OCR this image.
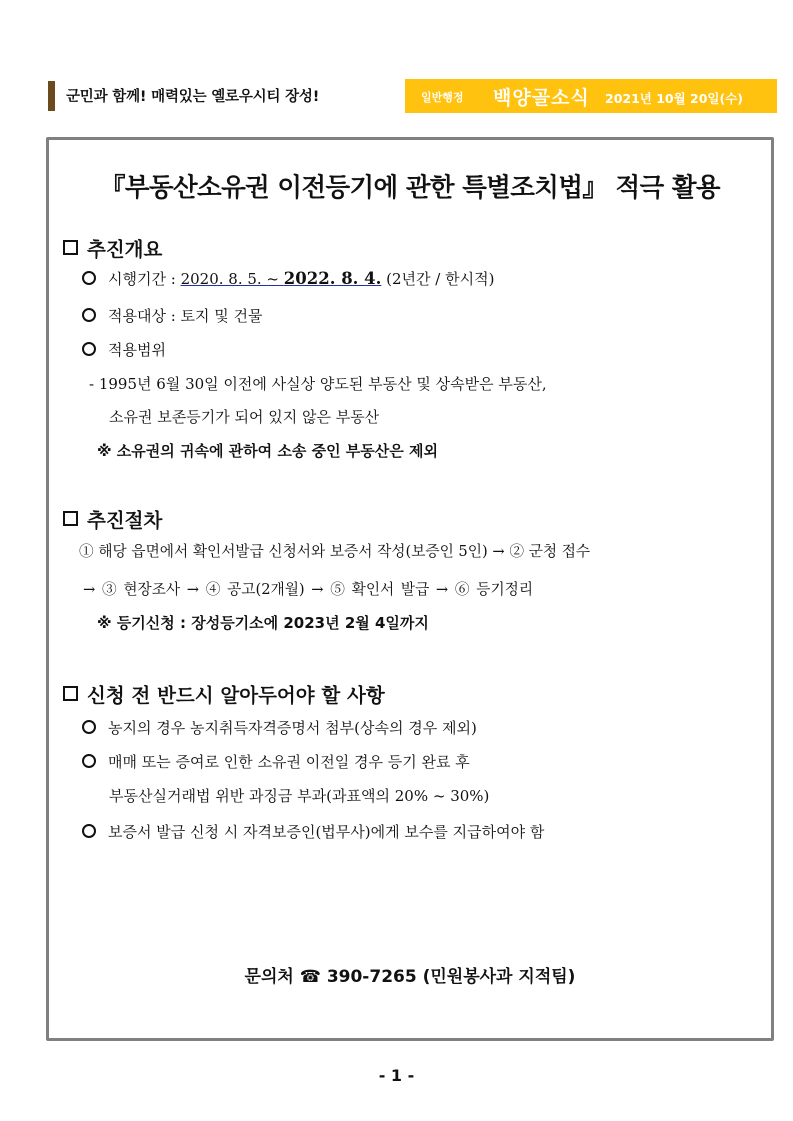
군민과 함께! 매력있는 옐로우시티 장성!	일반행정 백양골소식 2021년 10월 20일(수)
『부동산소유권 이전등기에 관한 특별조치법』 적극 활용
추진개요
시행기간 : 2020. 8. 5. ~ 2022. 8. 4. (2년간 / 한시적)
적용대상 : 토지 및 건물
적용범위
- 1995년 6월 30일 이전에 사실상 양도된 부동산 및 상속받은 부동산,
소유권 보존등기가 되어 있지 않은 부동산
※ 소유권의 귀속에 관하여 소송 중인 부동산은 제외
추진절차
① 해당 읍면에서 확인서발급 신청서와 보증서 작성(보증인 5인) → ② 군청 접수
→ ③ 현장조사 → ④ 공고(2개월) → ⑤ 확인서 발급 → ⑥ 등기정리
※ 등기신청 : 장성등기소에 2023년 2월 4일까지
신청 전 반드시 알아두어야 할 사항
농지의 경우 농지취득자격증명서 첨부(상속의 경우 제외)
매매 또는 증여로 인한 소유권 이전일 경우 등기 완료 후
부동산실거래법 위반 과징금 부과(과표액의 20% ~ 30%)
보증서 발급 신청 시 자격보증인(법무사)에게 보수를 지급하여야 함
문의처 ☎ 390-7265 (민원봉사과 지적팀)
- 1 -
